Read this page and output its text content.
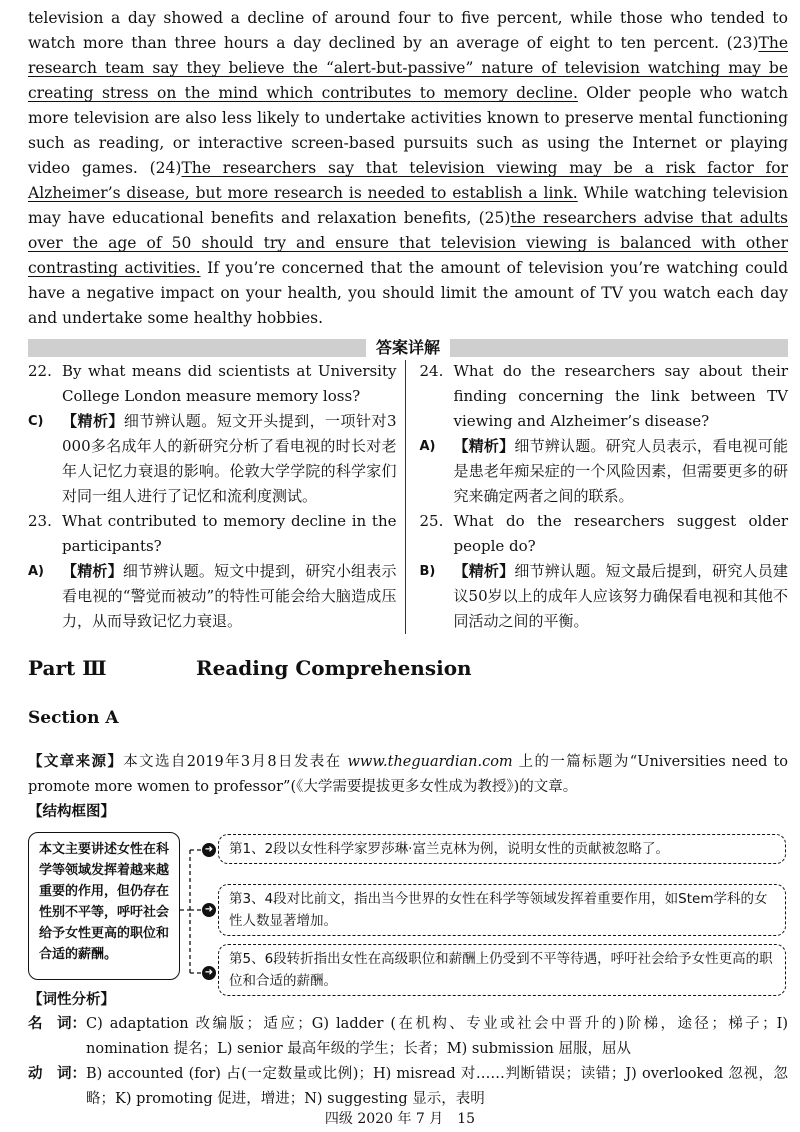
television a day showed a decline of around four to five percent, while those who tended to watch more than three hours a day declined by an average of eight to ten percent. (23)The research team say they believe the “alert-but-passive” nature of television watching may be creating stress on the mind which contributes to memory decline. Older people who watch more television are also less likely to undertake activities known to preserve mental functioning such as reading, or interactive screen-based pursuits such as using the Internet or playing video games. (24)The researchers say that television viewing may be a risk factor for Alzheimer’s disease, but more research is needed to establish a link. While watching television may have educational benefits and relaxation benefits, (25)the researchers advise that adults over the age of 50 should try and ensure that television viewing is balanced with other contrasting activities. If you’re concerned that the amount of television you’re watching could have a negative impact on your health, you should limit the amount of TV you watch each day and undertake some healthy hobbies.

答案详解
22. By what means did scientists at University College London measure memory loss?
C)	【精析】细节辨认题。短文开头提到，一项针对3 000多名成年人的新研究分析了看电视的时长对老年人记忆力衰退的影响。伦敦大学学院的科学家们对同一组人进行了记忆和流利度测试。
23. What contributed to memory decline in the participants?
A)	【精析】细节辨认题。短文中提到，研究小组表示看电视的“警觉而被动”的特性可能会给大脑造成压力，从而导致记忆力衰退。
24. What do the researchers say about their finding concerning the link between TV viewing and Alzheimer’s disease?
A)	【精析】细节辨认题。研究人员表示，看电视可能是患老年痴呆症的一个风险因素，但需要更多的研究来确定两者之间的联系。
25. What do the researchers suggest older people do?
B)	【精析】细节辨认题。短文最后提到，研究人员建议50岁以上的成年人应该努力确保看电视和其他不同活动之间的平衡。
Part Ⅲ	Reading Comprehension
Section A
【文章来源】本文选自2019年3月8日发表在 www.theguardian.com 上的一篇标题为“Universities need to promote more women to professor”(《大学需要提拔更多女性成为教授》)的文章。
【结构框图】
本文主要讲述女性在科学等领域发挥着越来越重要的作用，但仍存在性别不平等，呼吁社会给予女性更高的职位和合适的薪酬。
➜
➜
➜
第1、2段以女性科学家罗莎琳·富兰克林为例，说明女性的贡献被忽略了。
第3、4段对比前文，指出当今世界的女性在科学等领域发挥着重要作用，如Stem学科的女性人数显著增加。
第5、6段转折指出女性在高级职位和薪酬上仍受到不平等待遇，呼吁社会给予女性更高的职位和合适的薪酬。
【词性分析】
名　词： C) adaptation 改编版；适应；G) ladder (在机构、专业或社会中晋升的)阶梯，途径；梯子；I) nomination 提名；L) senior 最高年级的学生；长者；M) submission 屈服，屈从
动　词： B) accounted (for) 占(一定数量或比例)；H) misread 对……判断错误；读错；J) overlooked 忽视，忽略；K) promoting 促进，增进；N) suggesting 显示，表明
四级 2020 年 7 月　15
